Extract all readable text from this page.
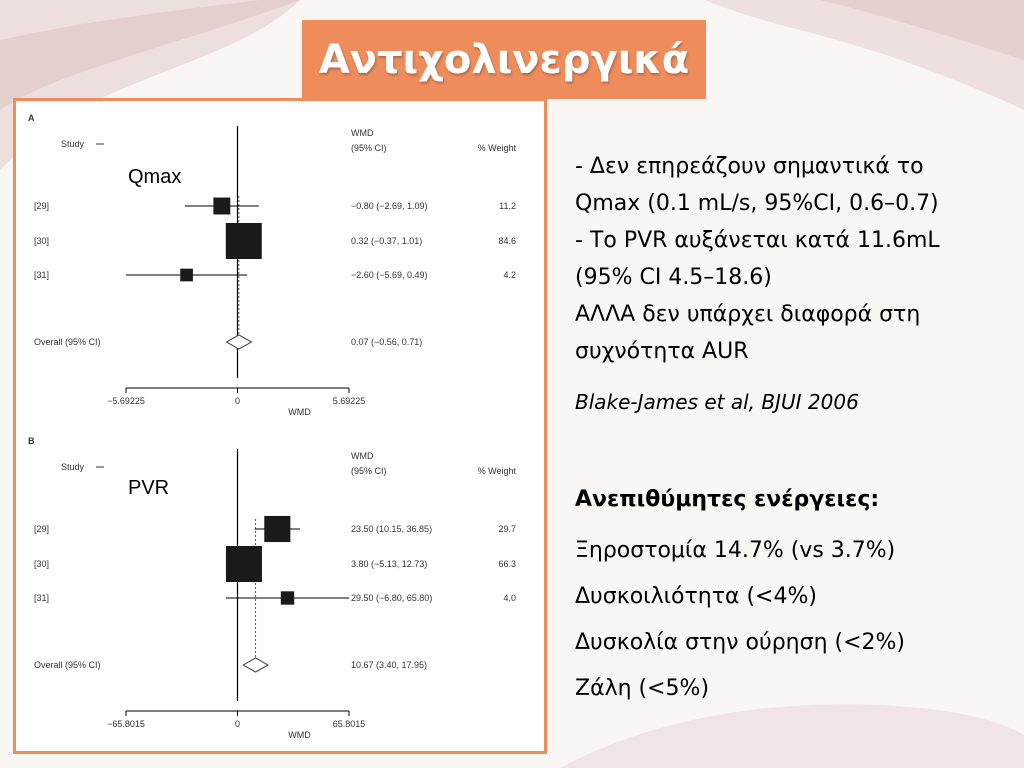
Αντιχολινεργικά
A
Study
WMD
(95% CI)	% Weight
Qmax
[29]	−0.80 (−2.69, 1.09)	11.2
[30]	0.32 (−0.37, 1.01)	84.6
[31]	−2.60 (−5.69, 0.49)	4.2
Overall (95% CI)	0.07 (−0.56, 0.71)
−5.69225	0	5.69225
WMD
B
Study
WMD
(95% CI)	% Weight
PVR
[29]	23.50 (10.15, 36.85)	29.7
[30]	3.80 (−5.13, 12.73)	66.3
[31]	29.50 (−6.80, 65.80)	4.0
Overall (95% CI)	10.67 (3.40, 17.95)
−65.8015	0	65.8015
WMD
- Δεν επηρεάζουν σημαντικά το
Qmax (0.1 mL/s, 95%CI, 0.6–0.7)
- Το PVR αυξάνεται κατά 11.6mL
(95% CI 4.5–18.6)
ΑΛΛΑ δεν υπάρχει διαφορά στη
συχνότητα AUR
Blake-James et al, BJUI 2006
Ανεπιθύμητες ενέργειες:
Ξηροστομία 14.7% (vs 3.7%)
Δυσκοιλιότητα (<4%)
Δυσκολία στην ούρηση (<2%)
Ζάλη (<5%)
